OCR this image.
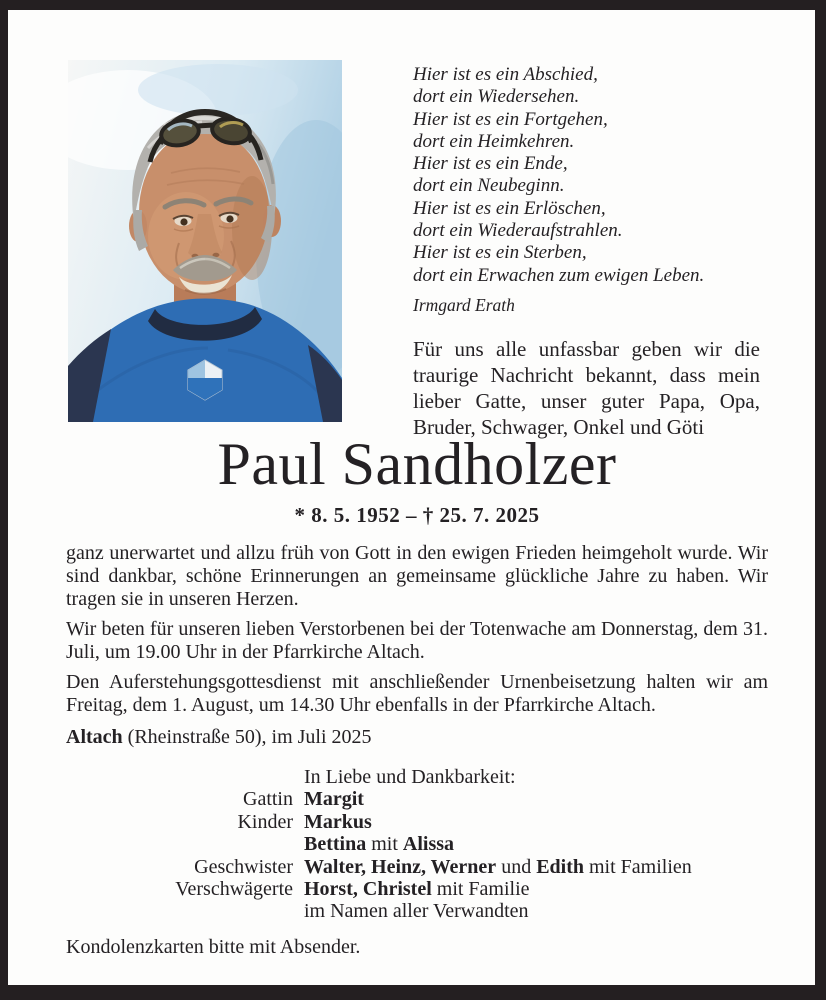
Hier ist es ein Abschied,
dort ein Wiedersehen.
Hier ist es ein Fortgehen,
dort ein Heimkehren.
Hier ist es ein Ende,
dort ein Neubeginn.
Hier ist es ein Erlöschen,
dort ein Wiederaufstrahlen.
Hier ist es ein Sterben,
dort ein Erwachen zum ewigen Leben.
Irmgard Erath
Für uns alle unfassbar geben wir die traurige Nachricht bekannt, dass mein lieber Gatte, unser guter Papa, Opa, Bruder, Schwager, Onkel und Göti
Paul Sandholzer
* 8. 5. 1952 – † 25. 7. 2025

ganz unerwartet und allzu früh von Gott in den ewigen Frieden heimgeholt wurde. Wir sind dankbar, schöne Erinnerungen an gemeinsame glückliche Jahre zu haben. Wir tragen sie in unseren Herzen.

Wir beten für unseren lieben Verstorbenen bei der Totenwache am Donnerstag, dem 31. Juli, um 19.00 Uhr in der Pfarrkirche Altach.

Den Auferstehungsgottesdienst mit anschließender Urnenbeisetzung halten wir am Freitag, dem 1. August, um 14.30 Uhr ebenfalls in der Pfarrkirche Altach.

Altach (Rheinstraße 50), im Juli 2025

In Liebe und Dankbarkeit:
Gattin Margit
Kinder Markus
Bettina mit Alissa
Geschwister Walter, Heinz, Werner und Edith mit Familien
Verschwägerte Horst, Christel mit Familie
im Namen aller Verwandten

Kondolenzkarten bitte mit Absender.
